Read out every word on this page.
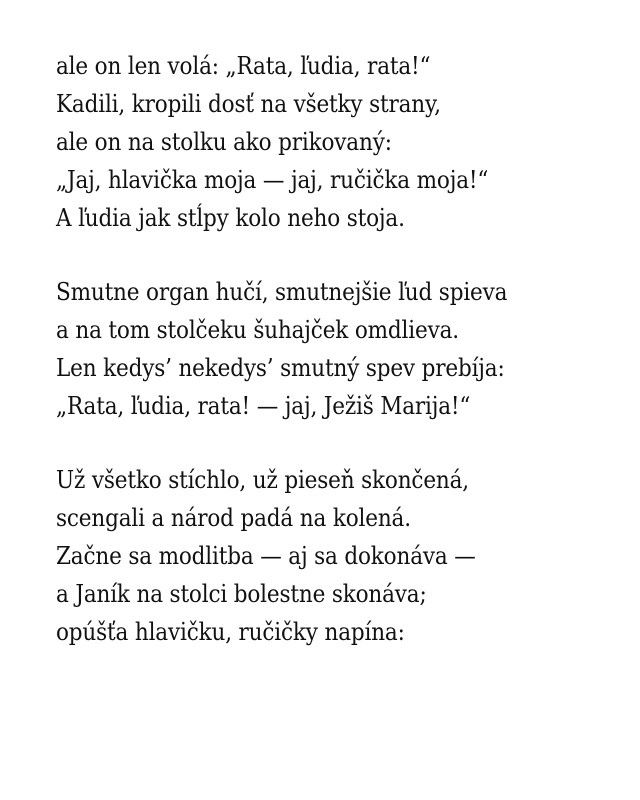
ale on len volá: „Rata, ľudia, rata!“
Kadili, kropili dosť na všetky strany,
ale on na stolku ako prikovaný:
„Jaj, hlavička moja — jaj, ručička moja!“
A ľudia jak stĺpy kolo neho stoja.
Smutne organ hučí, smutnejšie ľud spieva
a na tom stolčeku šuhajček omdlieva.
Len kedys’ nekedys’ smutný spev prebíja:
„Rata, ľudia, rata! — jaj, Ježiš Marija!“
Už všetko stíchlo, už pieseň skončená,
scengali a národ padá na kolená.
Začne sa modlitba — aj sa dokonáva —
a Janík na stolci bolestne skonáva;
opúšťa hlavičku, ručičky napína:
